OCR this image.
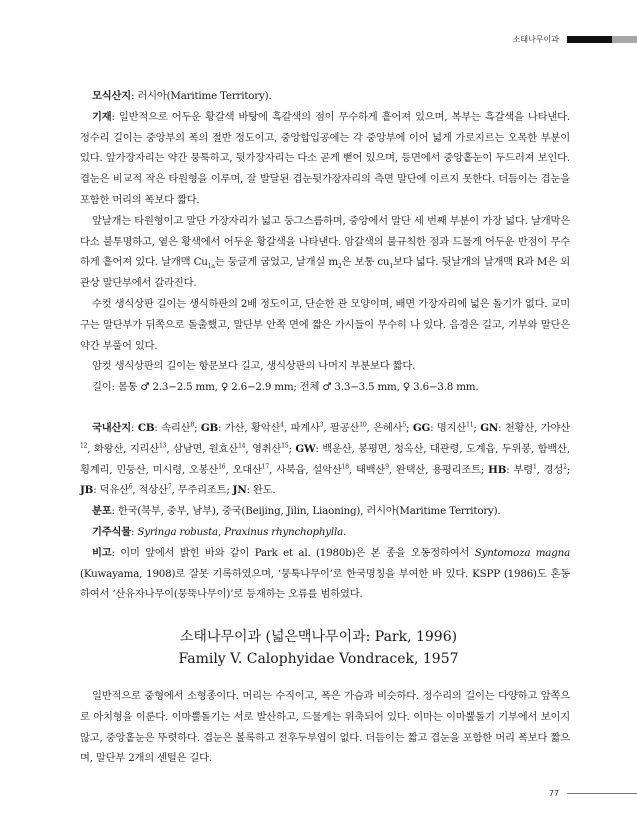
소태나무이과

모식산지: 러시아(Maritime Territory).

기재: 일반적으로 어두운 황갈색 바탕에 흑갈색의 점이 무수하게 흩어져 있으며, 복부는 흑갈색을 나타낸다. 정수리 길이는 중앙부의 폭의 절반 정도이고, 중앙합입공에는 각 중앙부에 이어 넓게 가로지르는 오목한 부분이 있다. 앞가장자리는 약간 뭉툭하고, 뒷가장자리는 다소 곧게 뻗어 있으며, 등면에서 중앙홑눈이 두드러져 보인다. 겹눈은 비교적 작은 타원형을 이루며, 잘 발달된 겹눈뒷가장자리의 측면 말단에 이르지 못한다. 더듬이는 겹눈을 포함한 머리의 폭보다 짧다.

앞날개는 타원형이고 말단 가장자리가 넓고 둥그스름하며, 중앙에서 말단 세 번째 부분이 가장 넓다. 날개막은 다소 불투명하고, 옅은 황색에서 어두운 황갈색을 나타낸다. 암갈색의 불규칙한 점과 드물게 어두운 반점이 무수하게 흩어져 있다. 날개맥 $Cu_{1a}$는 둥글게 굽었고, 날개실 $m_2$은 보통 $cu_1$보다 넓다. 뒷날개의 날개맥 R과 M은 외관상 말단부에서 갈라진다.

수컷 생식상판 길이는 생식하판의 2배 정도이고, 단순한 관 모양이며, 배면 가장자리에 넓은 돌기가 없다. 교미구는 말단부가 뒤쪽으로 돌출했고, 말단부 안쪽 면에 짧은 가시들이 무수히 나 있다. 음경은 길고, 기부와 말단은 약간 부풀어 있다.

암컷 생식상판의 길이는 항문보다 길고, 생식상판의 나머지 부분보다 짧다.

길이: 몸통 ♂ 2.3−2.5 mm, ♀ 2.6−2.9 mm; 전체 ♂ 3.3−3.5 mm, ♀ 3.6−3.8 mm.

국내산지: CB: 속리산$^8$; GB: 가산, 황악산$^4$, 파계사$^3$, 팔공산$^{10}$, 은혜사$^5$; GG: 명지산$^{11}$; GN: 천황산, 가야산$^{12}$, 화왕산, 지리산$^{13}$, 삼남면, 원효산$^{14}$, 영취산$^{15}$; GW: 백운산, 봉평면, 청옥산, 대관령, 도계읍, 두위봉, 함백산, 횡계리, 민둥산, 미시령, 오봉산$^{16}$, 오대산$^{17}$, 사북읍, 설악산$^{18}$, 태백산$^9$, 완택산, 용평리조트; HB: 부령$^1$, 경성$^2$; JB: 덕유산$^6$, 적상산$^7$, 무주리조트; JN: 완도.

분포: 한국(북부, 중부, 남부), 중국(Beijing, Jilin, Liaoning), 러시아(Maritime Territory).

기주식물: Syringa robusta, Praxinus rhynchophylla.

비고: 이미 앞에서 밝힌 바와 같이 Park et al. (1980b)은 본 종을 오동정하여서 Syntomoza magna (Kuwayama, 1908)로 잘못 기록하였으며, ‘뭉툭나무이’로 한국명칭을 부여한 바 있다. KSPP (1986)도 혼동하여서 ‘산유자나무이(뭉뚝나무이)’로 등재하는 오류를 범하였다.

소태나무이과 (넓은맥나무이과: Park, 1996)
Family V. Calophyidae Vondracek, 1957

일반적으로 중형에서 소형종이다. 머리는 수직이고, 폭은 가슴과 비슷하다. 정수리의 길이는 다양하고 앞쪽으로 아치형을 이룬다. 이마뿔돌기는 서로 발산하고, 드물게는 위축되어 있다. 이마는 이마뿔돌기 기부에서 보이지 않고, 중앙홑눈은 뚜렷하다. 겹눈은 볼록하고 전후두부엽이 없다. 더듬이는 짧고 겹눈을 포함한 머리 폭보다 짧으며, 말단부 2개의 센털은 길다.

77
